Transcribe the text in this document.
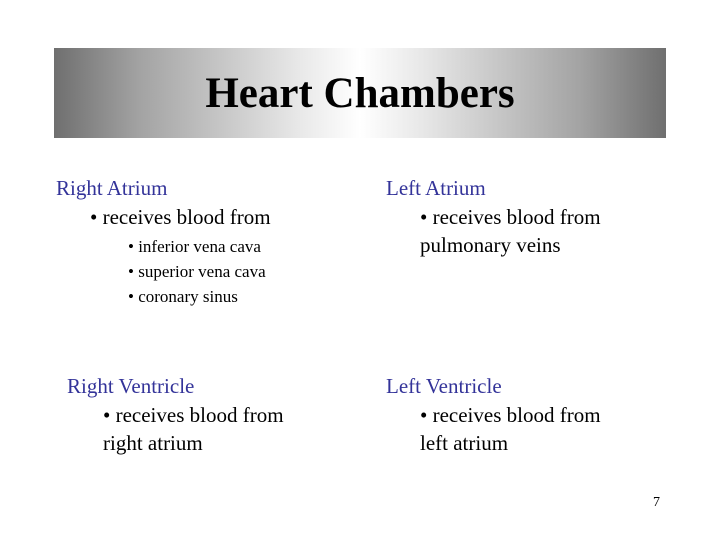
Heart Chambers
Right Atrium
• receives blood from
• inferior vena cava
• superior vena cava
• coronary sinus
Left Atrium
• receives blood from
pulmonary veins
Right Ventricle
• receives blood from
right atrium
Left Ventricle
• receives blood from
left atrium
7
